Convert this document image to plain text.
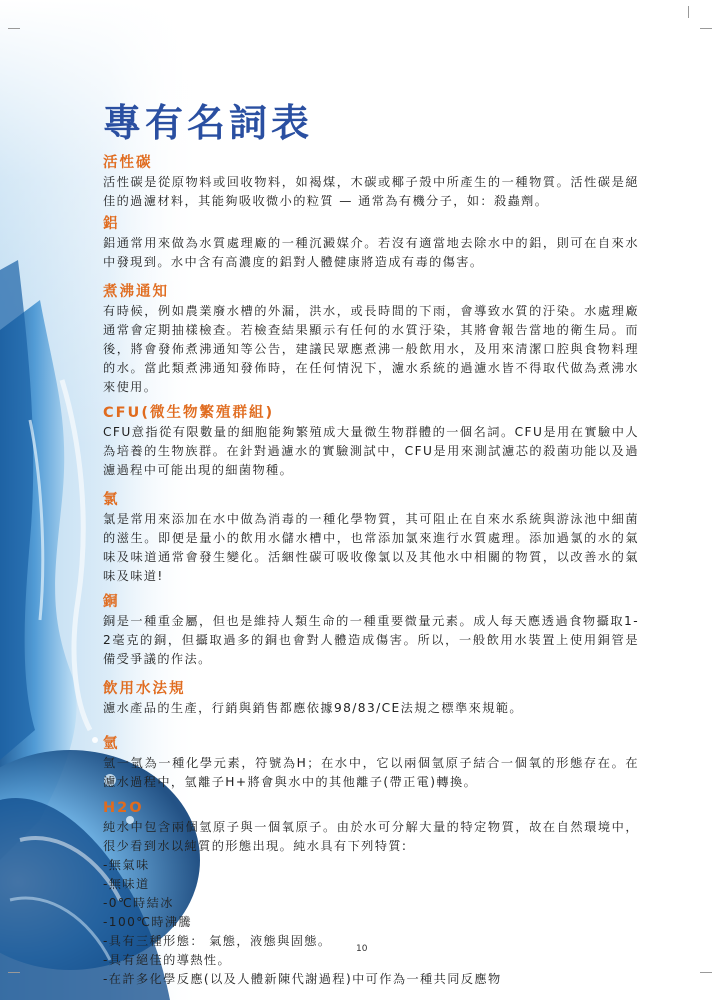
專有名詞表
活性碳

活性碳是從原物料或回收物料，如褐煤，木碳或椰子殼中所產生的一種物質。活性碳是絕佳的過濾材料，其能夠吸收微小的粒質 — 通常為有機分子，如：殺蟲劑。

鋁

鋁通常用來做為水質處理廠的一種沉澱媒介。若沒有適當地去除水中的鋁，則可在自來水中發現到。水中含有高濃度的鋁對人體健康將造成有毒的傷害。

煮沸通知

有時候，例如農業廢水槽的外漏，洪水，或長時間的下雨，會導致水質的汙染。水處理廠通常會定期抽樣檢查。若檢查結果顯示有任何的水質汙染，其將會報告當地的衛生局。而後，將會發佈煮沸通知等公告，建議民眾應煮沸一般飲用水，及用來清潔口腔與食物料理的水。當此類煮沸通知發佈時，在任何情況下，濾水系統的過濾水皆不得取代做為煮沸水來使用。

CFU(微生物繁殖群組)

CFU意指從有限數量的細胞能夠繁殖成大量微生物群體的一個名詞。CFU是用在實驗中人為培養的生物族群。在針對過濾水的實驗測試中，CFU是用來測試濾芯的殺菌功能以及過濾過程中可能出現的細菌物種。

氯

氯是常用來添加在水中做為消毒的一種化學物質，其可阻止在自來水系統與游泳池中細菌的滋生。即便是量小的飲用水儲水槽中，也常添加氯來進行水質處理。添加過氯的水的氣味及味道通常會發生變化。活綑性碳可吸收像氯以及其他水中相關的物質，以改善水的氣味及味道!

銅

銅是一種重金屬，但也是維持人類生命的一種重要微量元素。成人每天應透過食物攝取1-2毫克的銅，但攝取過多的銅也會對人體造成傷害。所以，一般飲用水裝置上使用銅管是備受爭議的作法。

飲用水法規

濾水產品的生產，行銷與銷售都應依據98/83/CE法規之標準來規範。

氫

氫一氫為一種化學元素，符號為H；在水中，它以兩個氫原子結合一個氧的形態存在。在濾水過程中，氫離子H+將會與水中的其他離子(帶正電)轉換。

H2O

純水中包含兩個氫原子與一個氧原子。由於水可分解大量的特定物質，故在自然環境中，很少看到水以純質的形態出現。純水具有下列特質:

-無氣味
-無味道
-0℃時結冰
-100℃時沸騰
-具有三種形態： 氣態，液態與固態。
-具有絕佳的導熱性。
-在許多化學反應(以及人體新陳代謝過程)中可作為一種共同反應物
10
